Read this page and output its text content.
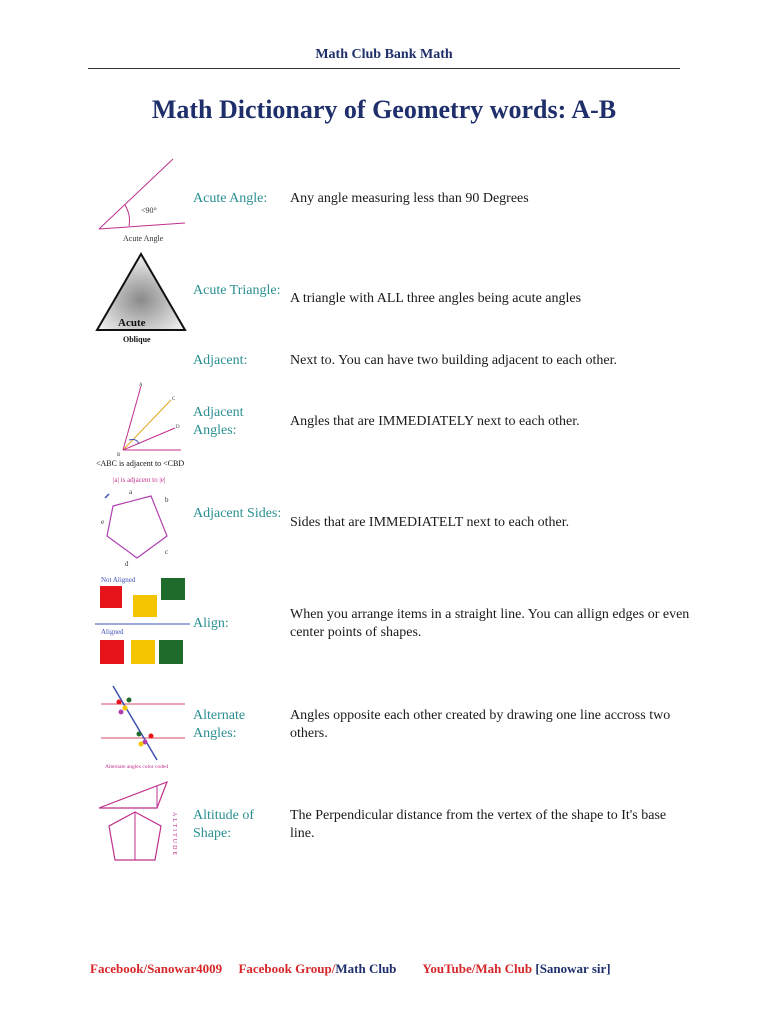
Math Club Bank Math
Math Dictionary of Geometry words: A-B
<90°
Acute Angle
Acute Angle:	Any angle measuring less than 90 Degrees
Acute
Oblique
Acute Triangle:
A triangle with ALL three angles being acute angles
Adjacent:	Next to. You can have two building adjacent to each other.
A
B
C
D
<ABC is adjacent to <CBD
Adjacent Angles:
Angles that are IMMEDIATELY next to each other.
|a| is adjacent to |e|
a
b
c
d
e
Adjacent Sides:
Sides that are IMMEDIATELT next to each other.
Not Aligned
Aligned
Align:
When you arrange items in a straight line. You can allign edges or even center points of shapes.
Alternate angles color coded
Alternate Angles:
Angles opposite each other created by drawing one line accross two others.
ALTITUDE Altitude of Shape:
The Perpendicular distance from the vertex of the shape to It's base line.
Facebook/Sanowar4009 Facebook Group/Math Club YouTube/Mah Club [Sanowar sir]
